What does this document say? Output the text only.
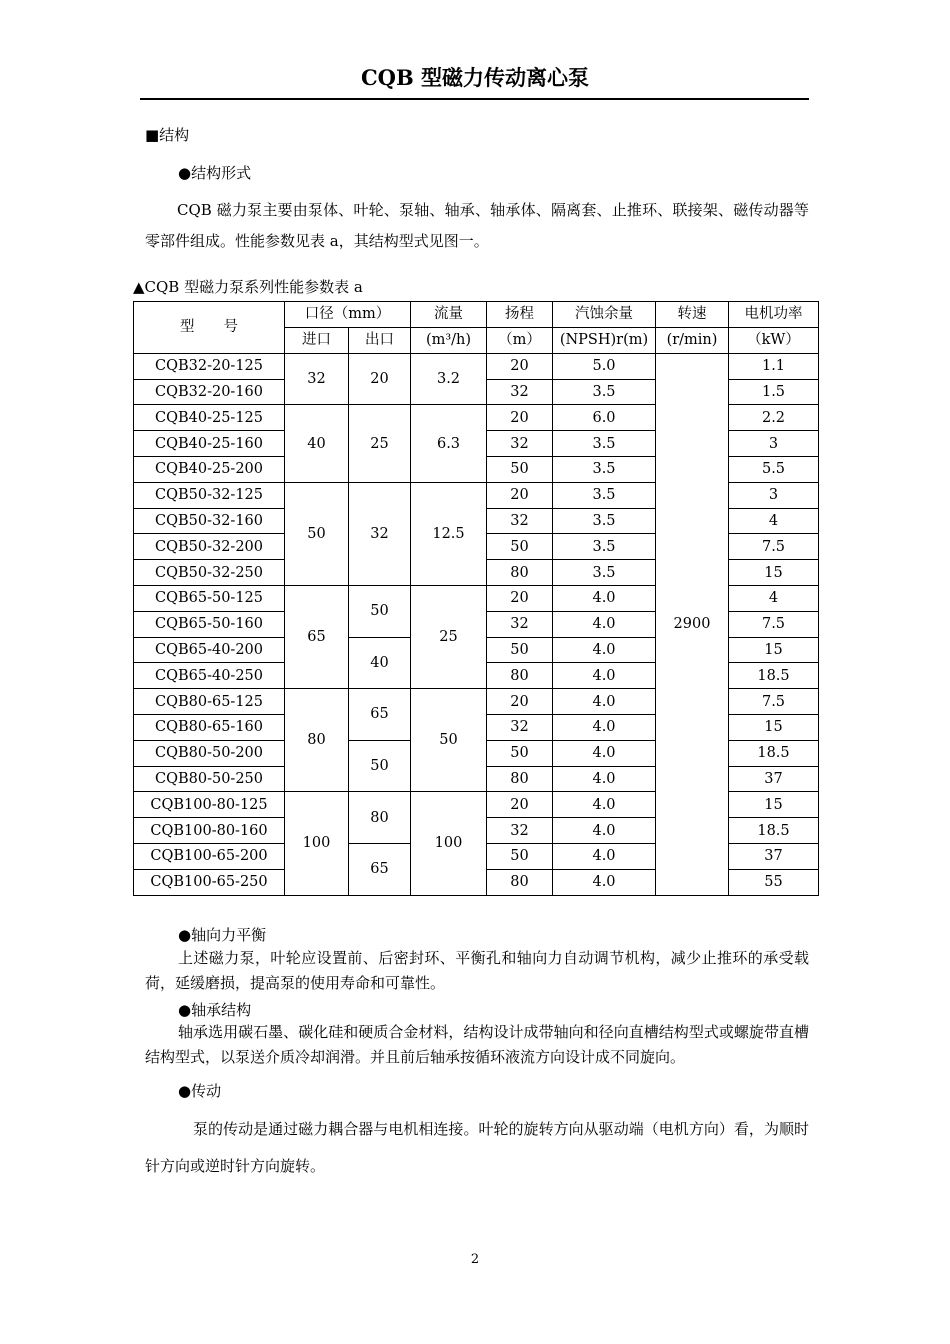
CQB 型磁力传动离心泵
■结构
●结构形式
CQB 磁力泵主要由泵体、叶轮、泵轴、轴承、轴承体、隔离套、止推环、联接架、磁传动器等零部件组成。性能参数见表 a，其结构型式见图一。
▲CQB 型磁力泵系列性能参数表 a
型　　号	口径（mm）		流量	扬程	汽蚀余量	转速	电机功率
	进口	出口	(m³/h)	（m）	(NPSH)r(m)	(r/min)	（kW）
CQB32-20-125	32	20	3.2	20	5.0	2900	1.1
CQB32-20-160				32	3.5		1.5
CQB40-25-125	40	25	6.3	20	6.0		2.2
CQB40-25-160				32	3.5		3
CQB40-25-200				50	3.5		5.5
CQB50-32-125	50	32	12.5	20	3.5		3
CQB50-32-160				32	3.5		4
CQB50-32-200				50	3.5		7.5
CQB50-32-250				80	3.5		15
CQB65-50-125	65	50	25	20	4.0		4
CQB65-50-160				32	4.0		7.5
CQB65-40-200		40		50	4.0		15
CQB65-40-250				80	4.0		18.5
CQB80-65-125	80	65	50	20	4.0		7.5
CQB80-65-160				32	4.0		15
CQB80-50-200		50		50	4.0		18.5
CQB80-50-250				80	4.0		37
CQB100-80-125	100	80	100	20	4.0		15
CQB100-80-160				32	4.0		18.5
CQB100-65-200		65		50	4.0		37
CQB100-65-250				80	4.0		55
●轴向力平衡
上述磁力泵，叶轮应设置前、后密封环、平衡孔和轴向力自动调节机构，减少止推环的承受载荷，延缓磨损，提高泵的使用寿命和可靠性。
●轴承结构
轴承选用碳石墨、碳化硅和硬质合金材料，结构设计成带轴向和径向直槽结构型式或螺旋带直槽结构型式，以泵送介质冷却润滑。并且前后轴承按循环液流方向设计成不同旋向。
●传动
泵的传动是通过磁力耦合器与电机相连接。叶轮的旋转方向从驱动端（电机方向）看，为顺时针方向或逆时针方向旋转。
2
